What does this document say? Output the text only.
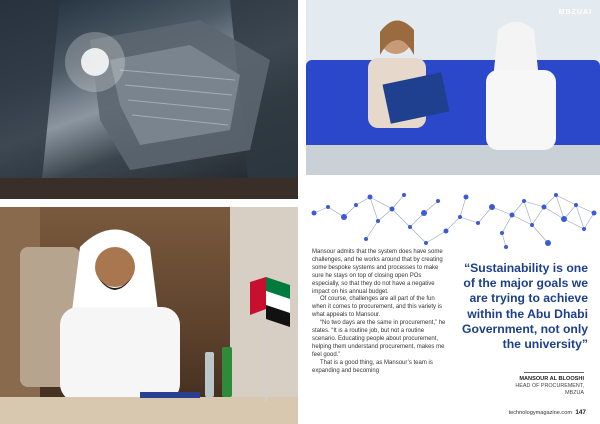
MBZUAI

Mansour admits that the system does have some challenges, and he works around that by creating some bespoke systems and processes to make sure he stays on top of closing open POs especially, so that they do not have a negative impact on his annual budget.

Of course, challenges are all part of the fun when it comes to procurement, and this variety is what appeals to Mansour.

“No two days are the same in procurement,” he states. “It is a routine job, but not a routine scenario. Educating people about procurement, helping them understand procurement, makes me feel good.”

That is a good thing, as Mansour’s team is expanding and becoming

“Sustainability is one of the major goals we are trying to achieve within the Abu Dhabi Government, not only the university”
MANSOUR AL BLOOSHI
HEAD OF PROCUREMENT,
MBZUA
technologymagazine.com 147
